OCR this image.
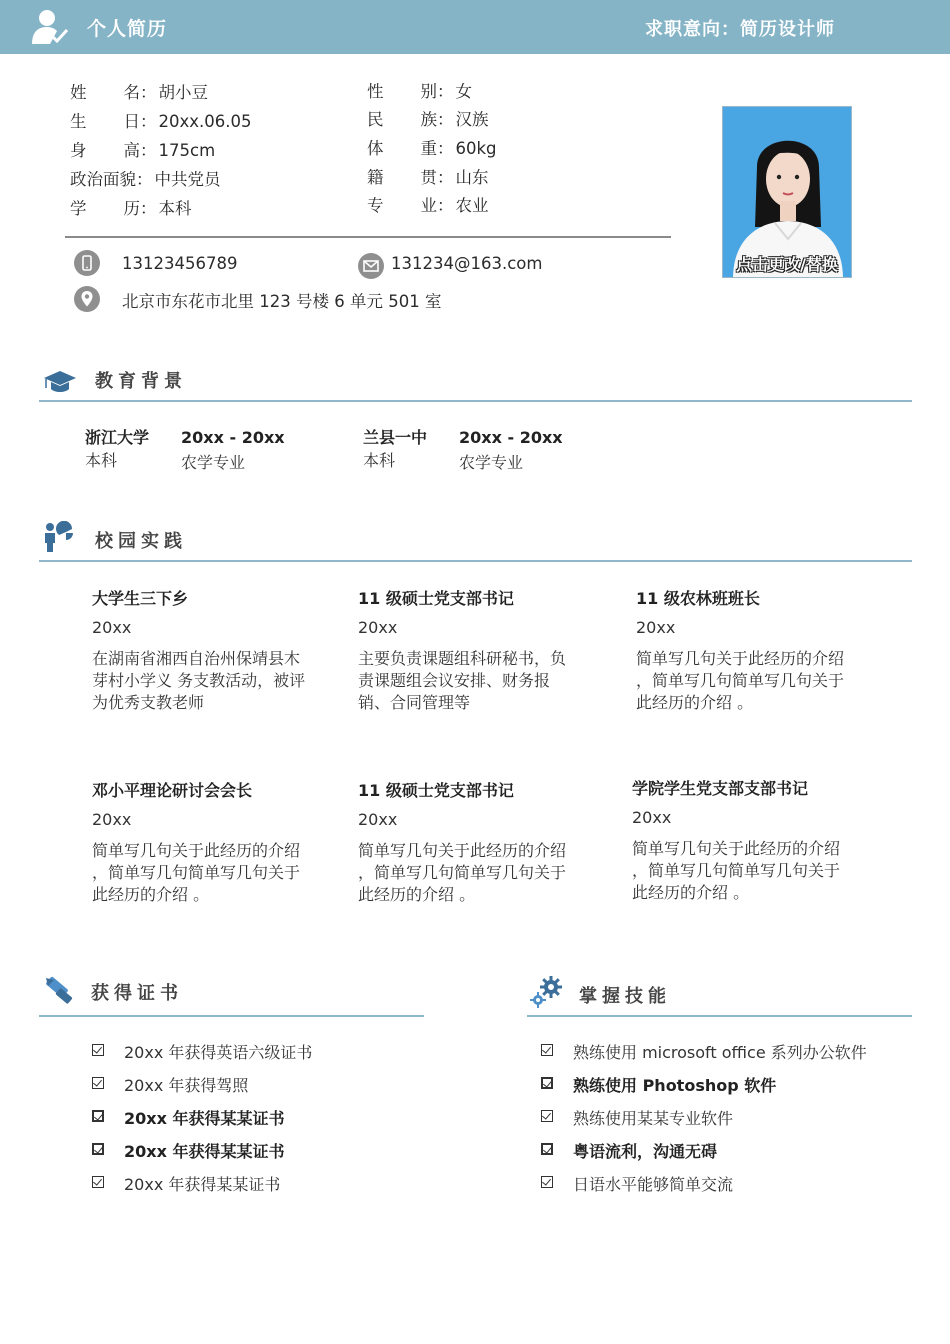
个人简历	求职意向：简历设计师
姓名： 胡小豆
生日： 20xx.06.05
身高： 175cm
政治面貌： 中共党员
学历： 本科
性别： 女
民族： 汉族
体重： 60kg
籍贯： 山东
专业： 农业
13123456789	131234@163.com
北京市东花市北里 123 号楼 6 单元 501 室
点击更改/替换
教育背景
浙江大学
本科
20xx - 20xx
农学专业
兰县一中
本科
20xx - 20xx
农学专业
校园实践
大学生三下乡
20xx
在湖南省湘西自治州保靖县木芽村小学义 务支教活动，被评为优秀支教老师
11 级硕士党支部书记
20xx
主要负责课题组科研秘书，负责课题组会议安排、财务报销、合同管理等
11 级农林班班长
20xx
简单写几句关于此经历的介绍 ，简单写几句简单写几句关于此经历的介绍 。
邓小平理论研讨会会长
20xx
简单写几句关于此经历的介绍 ，简单写几句简单写几句关于此经历的介绍 。
11 级硕士党支部书记
20xx
简单写几句关于此经历的介绍 ，简单写几句简单写几句关于此经历的介绍 。
学院学生党支部支部书记
20xx
简单写几句关于此经历的介绍 ，简单写几句简单写几句关于此经历的介绍 。
获得证书
20xx 年获得英语六级证书
20xx 年获得驾照
20xx 年获得某某证书
20xx 年获得某某证书
20xx 年获得某某证书
掌握技能
熟练使用 microsoft office 系列办公软件
熟练使用 Photoshop 软件
熟练使用某某专业软件
粤语流利，沟通无碍
日语水平能够简单交流
